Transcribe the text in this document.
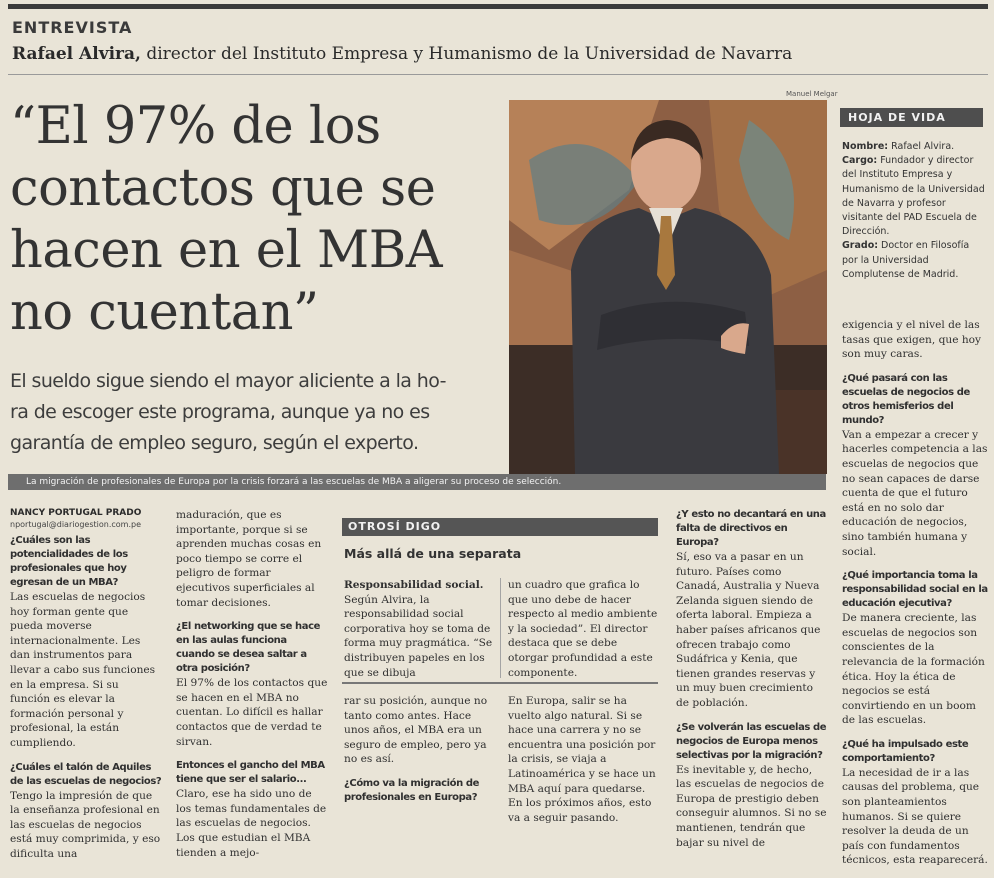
ENTREVISTA
Rafael Alvira, director del Instituto Empresa y Humanismo de la Universidad de Navarra
“El 97% de los
contactos que se
hacen en el MBA
no cuentan”
El sueldo sigue siendo el mayor aliciente a la ho-
ra de escoger este programa, aunque ya no es
garantía de empleo seguro, según el experto.
Manuel Melgar
La migración de profesionales de Europa por la crisis forzará a las escuelas de MBA a aligerar su proceso de selección.
HOJA DE VIDA
Nombre: Rafael Alvira.
Cargo: Fundador y director del Instituto Empresa y Humanismo de la Universidad de Navarra y profesor visitante del PAD Escuela de Dirección.
Grado: Doctor en Filosofía por la Universidad Complutense de Madrid.
NANCY PORTUGAL PRADO
nportugal@diariogestion.com.pe
¿Cuáles son las potencialidades de los profesionales que hoy egresan de un MBA?
Las escuelas de negocios hoy forman gente que pueda moverse internacionalmente. Les dan instrumentos para llevar a cabo sus funciones en la empresa. Si su función es elevar la formación personal y profesional, la están cumpliendo.
¿Cuáles el talón de Aquiles de las escuelas de negocios?
Tengo la impresión de que la enseñanza profesional en las escuelas de negocios está muy comprimida, y eso dificulta una
maduración, que es importante, porque si se aprenden muchas cosas en poco tiempo se corre el peligro de formar ejecutivos superficiales al tomar decisiones.
¿El networking que se hace en las aulas funciona cuando se desea saltar a otra posición?
El 97% de los contactos que se hacen en el MBA no cuentan. Lo difícil es hallar contactos que de verdad te sirvan.
Entonces el gancho del MBA tiene que ser el salario...
Claro, ese ha sido uno de los temas fundamentales de las escuelas de negocios. Los que estudian el MBA tienden a mejo-
OTROSÍ DIGO
Más allá de una separata
Responsabilidad social. Según Alvira, la responsabilidad social corporativa hoy se toma de forma muy pragmática. “Se distribuyen papeles en los que se dibuja
un cuadro que grafica lo que uno debe de hacer respecto al medio ambiente y la sociedad”. El director destaca que se debe otorgar profundidad a este componente.
rar su posición, aunque no tanto como antes. Hace unos años, el MBA era un seguro de empleo, pero ya no es así.
¿Cómo va la migración de profesionales en Europa?
En Europa, salir se ha vuelto algo natural. Si se hace una carrera y no se encuentra una posición por la crisis, se viaja a Latinoamérica y se hace un MBA aquí para quedarse. En los próximos años, esto va a seguir pasando.
¿Y esto no decantará en una falta de directivos en Europa?
Sí, eso va a pasar en un futuro. Países como Canadá, Australia y Nueva Zelanda siguen siendo de oferta laboral. Empieza a haber países africanos que ofrecen trabajo como Sudáfrica y Kenia, que tienen grandes reservas y un muy buen crecimiento de población.
¿Se volverán las escuelas de negocios de Europa menos selectivas por la migración?
Es inevitable y, de hecho, las escuelas de negocios de Europa de prestigio deben conseguir alumnos. Si no se mantienen, tendrán que bajar su nivel de
exigencia y el nivel de las tasas que exigen, que hoy son muy caras.
¿Qué pasará con las escuelas de negocios de otros hemisferios del mundo?
Van a empezar a crecer y hacerles competencia a las escuelas de negocios que no sean capaces de darse cuenta de que el futuro está en no solo dar educación de negocios, sino también humana y social.
¿Qué importancia toma la responsabilidad social en la educación ejecutiva?
De manera creciente, las escuelas de negocios son conscientes de la relevancia de la formación ética. Hoy la ética de negocios se está convirtiendo en un boom de las escuelas.
¿Qué ha impulsado este comportamiento?
La necesidad de ir a las causas del problema, que son planteamientos humanos. Si se quiere resolver la deuda de un país con fundamentos técnicos, esta reaparecerá.
